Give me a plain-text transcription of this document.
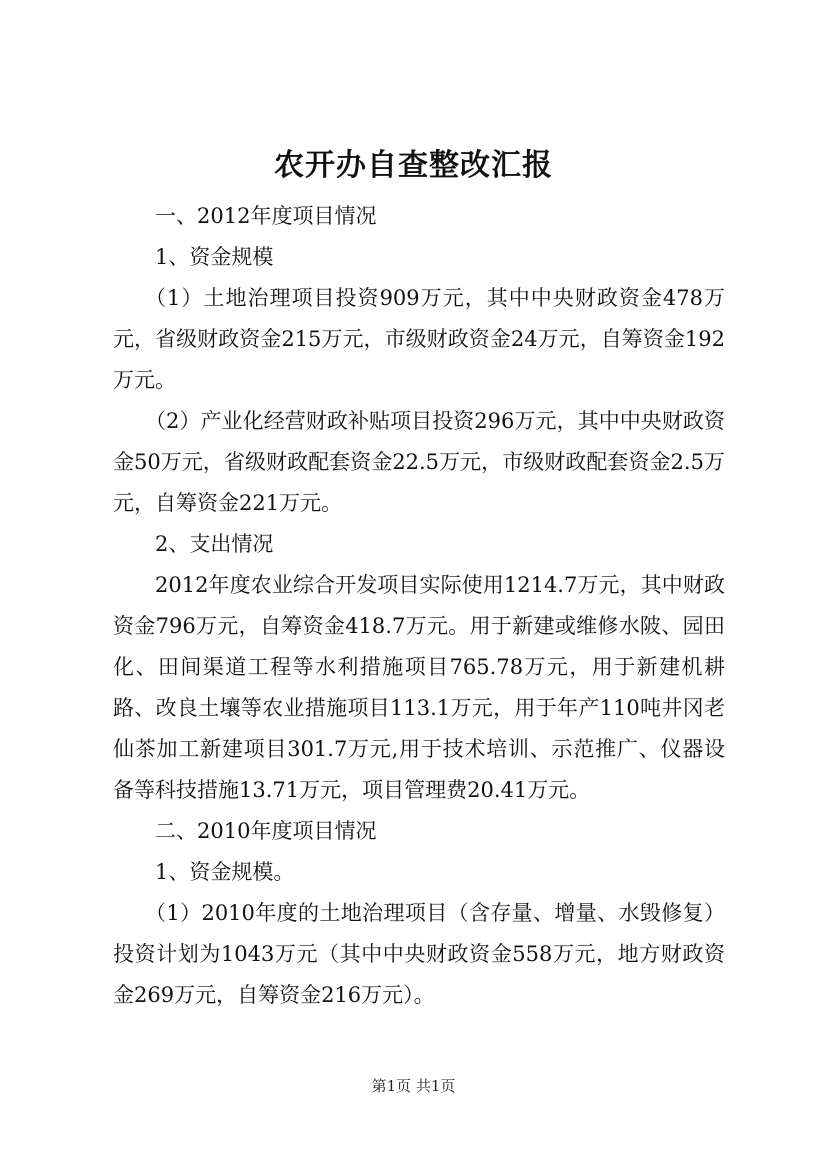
农开办自查整改汇报

一、2012年度项目情况

1、资金规模

（1）土地治理项目投资909万元，其中中央财政资金478万元，省级财政资金215万元，市级财政资金24万元，自筹资金192万元。

（2）产业化经营财政补贴项目投资296万元，其中中央财政资金50万元，省级财政配套资金22.5万元，市级财政配套资金2.5万元，自筹资金221万元。

2、支出情况

2012年度农业综合开发项目实际使用1214.7万元，其中财政资金796万元，自筹资金418.7万元。用于新建或维修水陂、园田化、田间渠道工程等水利措施项目765.78万元，用于新建机耕路、改良土壤等农业措施项目113.1万元，用于年产110吨井冈老仙茶加工新建项目301.7万元,用于技术培训、示范推广、仪器设备等科技措施13.71万元，项目管理费20.41万元。

二、2010年度项目情况

1、资金规模。

（1）2010年度的土地治理项目（含存量、增量、水毁修复）投资计划为1043万元（其中中央财政资金558万元，地方财政资金269万元，自筹资金216万元）。

第1页 共1页
